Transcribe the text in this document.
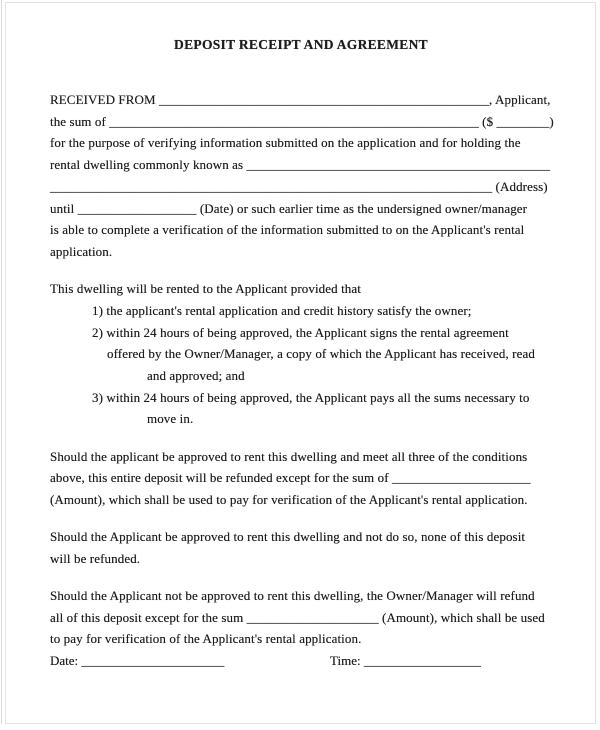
DEPOSIT RECEIPT AND AGREEMENT
RECEIVED FROM __________________________________________________, Applicant,
the sum of ________________________________________________________ ($ ________)
for the purpose of verifying information submitted on the application and for holding the
rental dwelling commonly known as ______________________________________________
___________________________________________________________________ (Address)
until __________________ (Date) or such earlier time as the undersigned owner/manager
is able to complete a verification of the information submitted to on the Applicant's rental
application.
This dwelling will be rented to the Applicant provided that
1) the applicant's rental application and credit history satisfy the owner;
2) within 24 hours of being approved, the Applicant signs the rental agreement
offered by the Owner/Manager, a copy of which the Applicant has received, read
and approved; and
3) within 24 hours of being approved, the Applicant pays all the sums necessary to
move in.
Should the applicant be approved to rent this dwelling and meet all three of the conditions
above, this entire deposit will be refunded except for the sum of _____________________
(Amount), which shall be used to pay for verification of the Applicant's rental application.
Should the Applicant be approved to rent this dwelling and not do so, none of this deposit
will be refunded.
Should the Applicant not be approved to rent this dwelling, the Owner/Manager will refund
all of this deposit except for the sum ____________________ (Amount), which shall be used
to pay for verification of the Applicant's rental application.
Date: ______________________	Time: __________________
